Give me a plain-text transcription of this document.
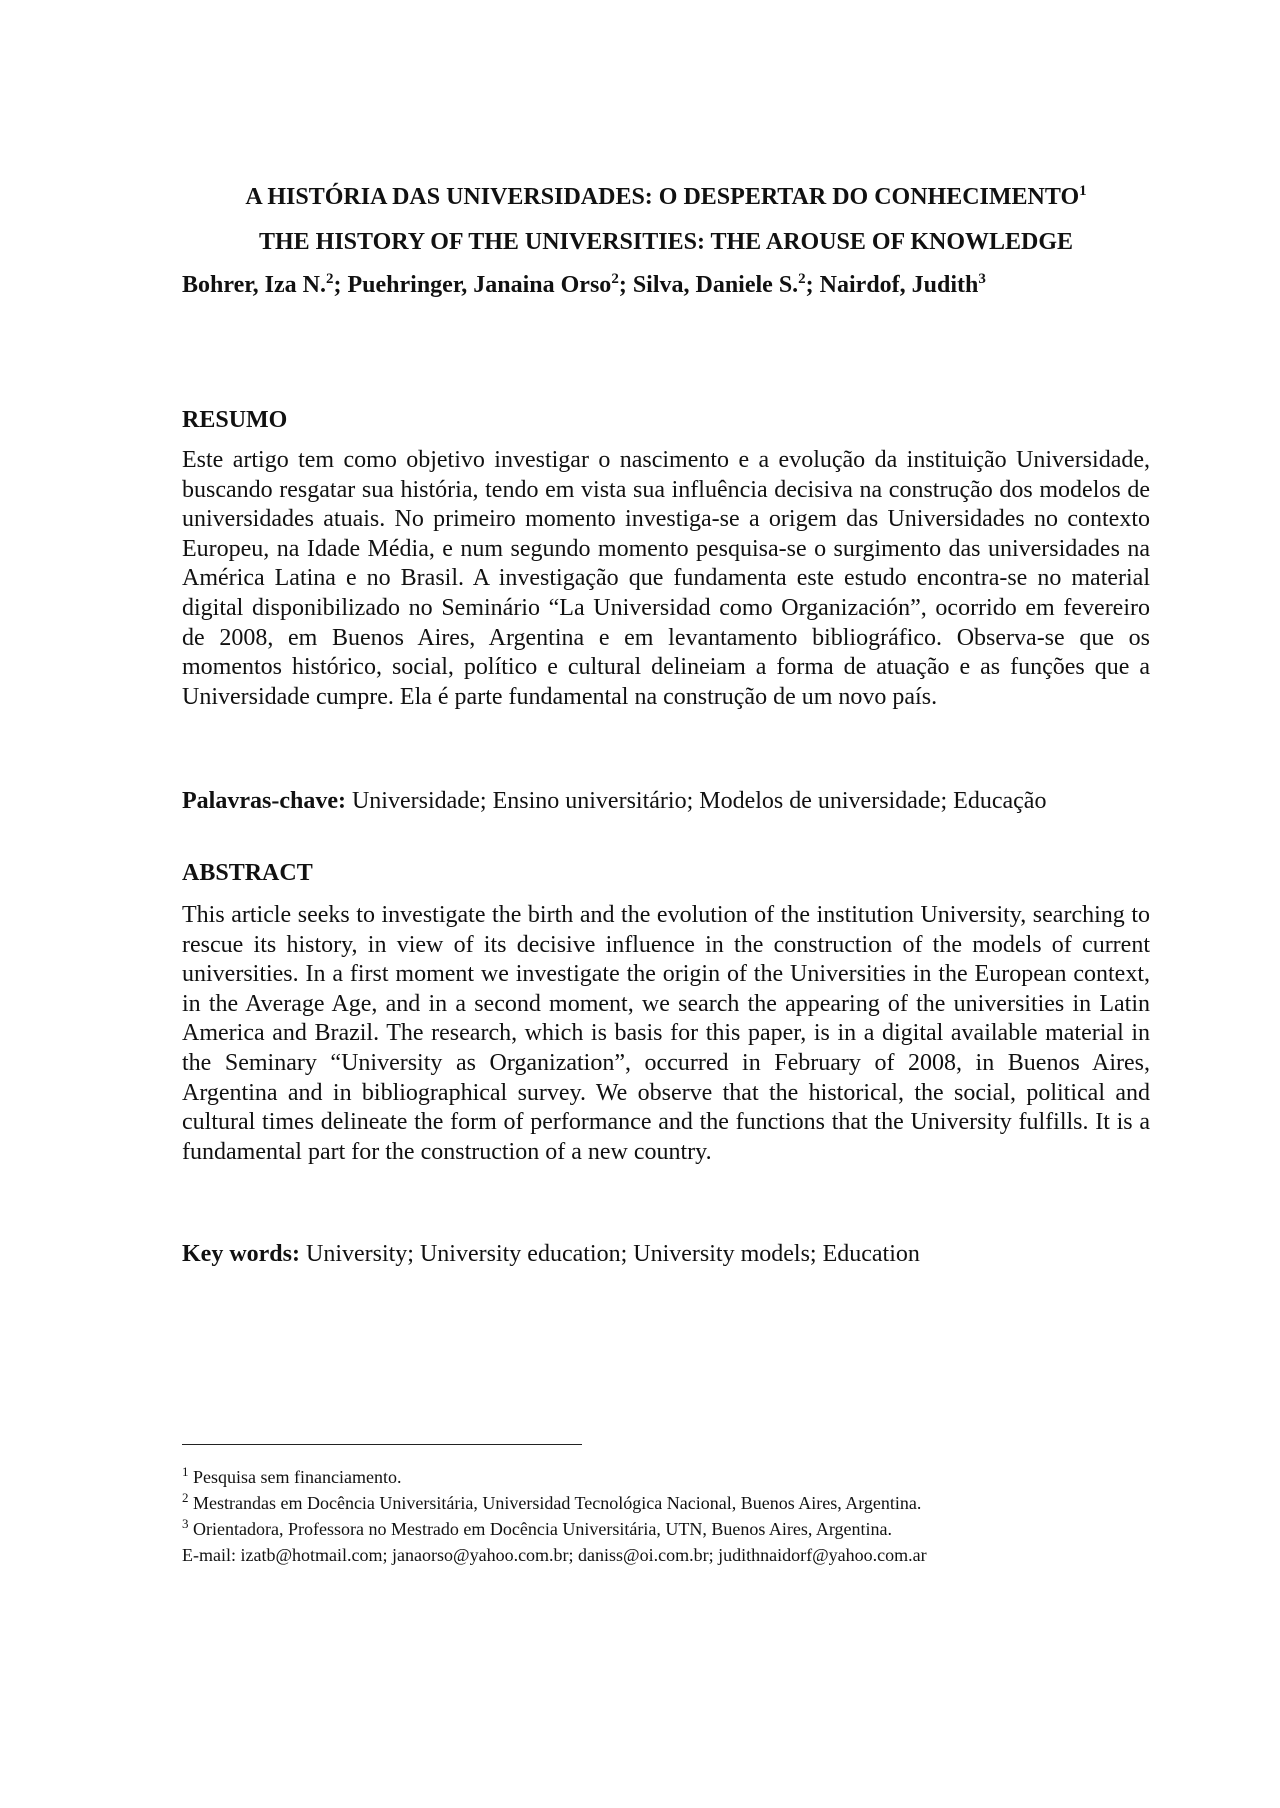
A HISTÓRIA DAS UNIVERSIDADES: O DESPERTAR DO CONHECIMENTO$^1$
THE HISTORY OF THE UNIVERSITIES: THE AROUSE OF KNOWLEDGE

Bohrer, Iza N.$^2$; Puehringer, Janaina Orso$^2$; Silva, Daniele S.$^2$; Nairdof, Judith$^3$

RESUMO

Este artigo tem como objetivo investigar o nascimento e a evolução da instituição Universidade, buscando resgatar sua história, tendo em vista sua influência decisiva na construção dos modelos de universidades atuais. No primeiro momento investiga-se a origem das Universidades no contexto Europeu, na Idade Média, e num segundo momento pesquisa-se o surgimento das universidades na América Latina e no Brasil. A investigação que fundamenta este estudo encontra-se no material digital disponibilizado no Seminário “La Universidad como Organización”, ocorrido em fevereiro de 2008, em Buenos Aires, Argentina e em levantamento bibliográfico. Observa-se que os momentos histórico, social, político e cultural delineiam a forma de atuação e as funções que a Universidade cumpre. Ela é parte fundamental na construção de um novo país.

Palavras-chave: Universidade; Ensino universitário; Modelos de universidade; Educação

ABSTRACT

This article seeks to investigate the birth and the evolution of the institution University, searching to rescue its history, in view of its decisive influence in the construction of the models of current universities. In a first moment we investigate the origin of the Universities in the European context, in the Average Age, and in a second moment, we search the appearing of the universities in Latin America and Brazil. The research, which is basis for this paper, is in a digital available material in the Seminary “University as Organization”, occurred in February of 2008, in Buenos Aires, Argentina and in bibliographical survey. We observe that the historical, the social, political and cultural times delineate the form of performance and the functions that the University fulfills. It is a fundamental part for the construction of a new country.

Key words: University; University education; University models; Education

$^1$ Pesquisa sem financiamento.
$^2$ Mestrandas em Docência Universitária, Universidad Tecnológica Nacional, Buenos Aires, Argentina.
$^3$ Orientadora, Professora no Mestrado em Docência Universitária, UTN, Buenos Aires, Argentina.
E-mail: izatb@hotmail.com; janaorso@yahoo.com.br; daniss@oi.com.br; judithnaidorf@yahoo.com.ar
